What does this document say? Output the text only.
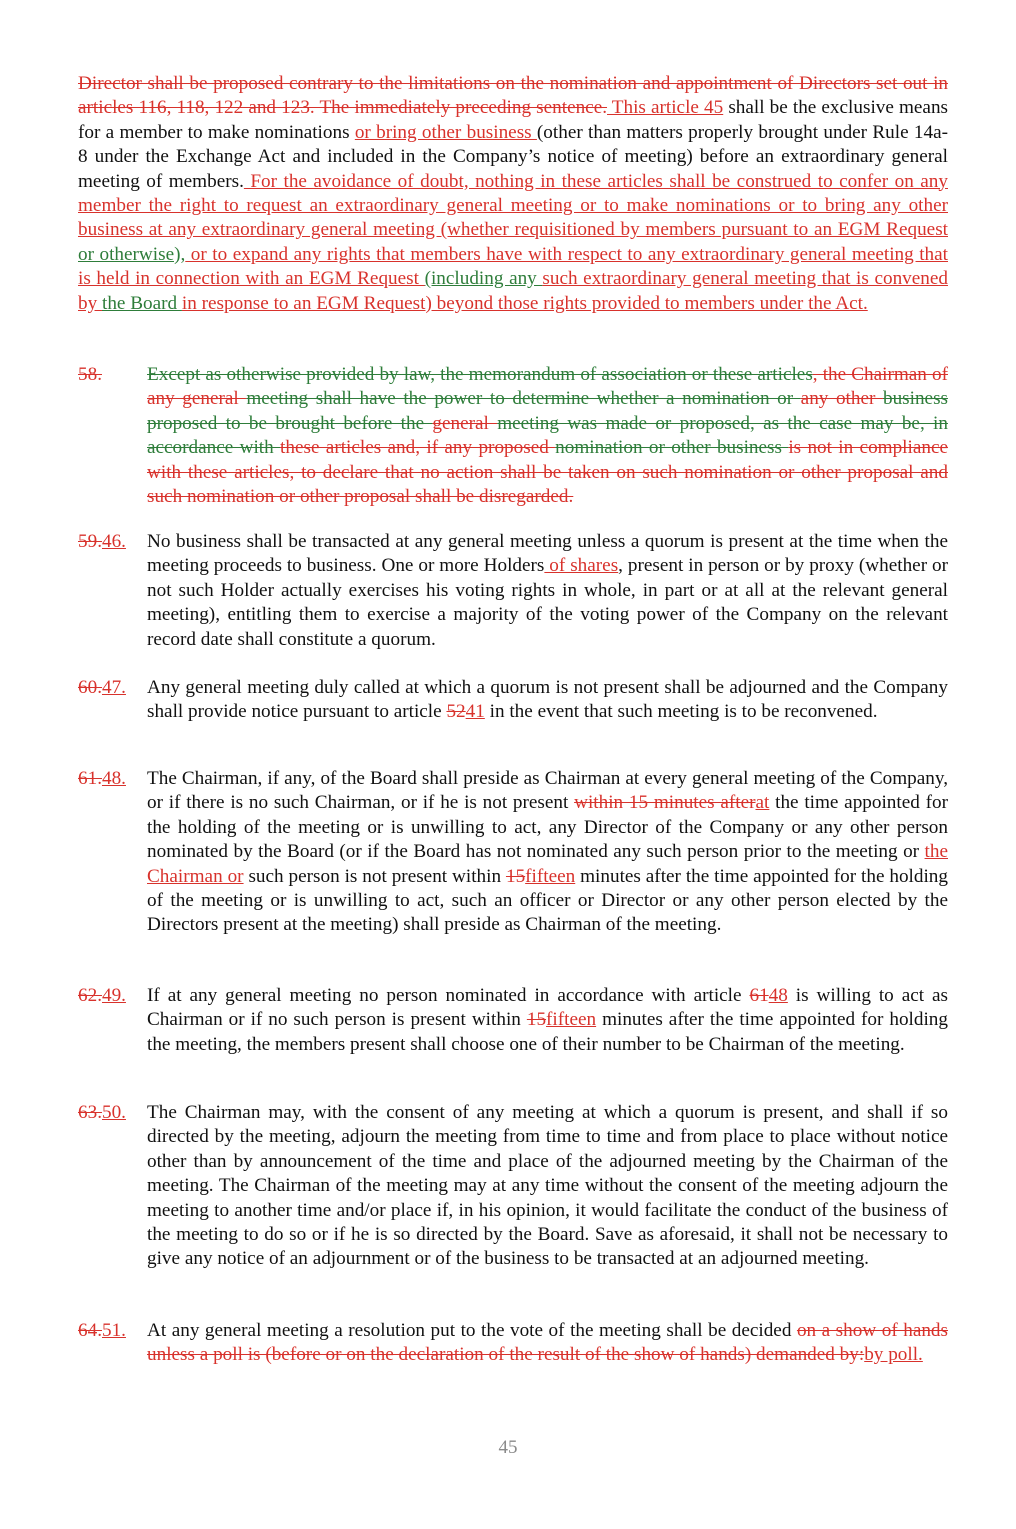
Director shall be proposed contrary to the limitations on the nomination and appointment of Directors set out in articles 116, 118, 122 and 123. The immediately preceding sentence. This article 45 shall be the exclusive means for a member to make nominations or bring other business (other than matters properly brought under Rule 14a-8 under the Exchange Act and included in the Company’s notice of meeting) before an extraordinary general meeting of members. For the avoidance of doubt, nothing in these articles shall be construed to confer on any member the right to request an extraordinary general meeting or to make nominations or to bring any other business at any extraordinary general meeting (whether requisitioned by members pursuant to an EGM Request or otherwise), or to expand any rights that members have with respect to any extraordinary general meeting that is held in connection with an EGM Request (including any such extraordinary general meeting that is convened by the Board in response to an EGM Request) beyond those rights provided to members under the Act.
58. Except as otherwise provided by law, the memorandum of association or these articles, the Chairman of any general meeting shall have the power to determine whether a nomination or any other business proposed to be brought before the general meeting was made or proposed, as the case may be, in accordance with these articles and, if any proposed nomination or other business is not in compliance with these articles, to declare that no action shall be taken on such nomination or other proposal and such nomination or other proposal shall be disregarded.
59.46. No business shall be transacted at any general meeting unless a quorum is present at the time when the meeting proceeds to business. One or more Holders of shares, present in person or by proxy (whether or not such Holder actually exercises his voting rights in whole, in part or at all at the relevant general meeting), entitling them to exercise a majority of the voting power of the Company on the relevant record date shall constitute a quorum.
60.47. Any general meeting duly called at which a quorum is not present shall be adjourned and the Company shall provide notice pursuant to article 5241 in the event that such meeting is to be reconvened.
61.48. The Chairman, if any, of the Board shall preside as Chairman at every general meeting of the Company, or if there is no such Chairman, or if he is not present within 15 minutes afterat the time appointed for the holding of the meeting or is unwilling to act, any Director of the Company or any other person nominated by the Board (or if the Board has not nominated any such person prior to the meeting or the Chairman or such person is not present within 15fifteen minutes after the time appointed for the holding of the meeting or is unwilling to act, such an officer or Director or any other person elected by the Directors present at the meeting) shall preside as Chairman of the meeting.
62.49. If at any general meeting no person nominated in accordance with article 6148 is willing to act as Chairman or if no such person is present within 15fifteen minutes after the time appointed for holding the meeting, the members present shall choose one of their number to be Chairman of the meeting.
63.50. The Chairman may, with the consent of any meeting at which a quorum is present, and shall if so directed by the meeting, adjourn the meeting from time to time and from place to place without notice other than by announcement of the time and place of the adjourned meeting by the Chairman of the meeting. The Chairman of the meeting may at any time without the consent of the meeting adjourn the meeting to another time and/or place if, in his opinion, it would facilitate the conduct of the business of the meeting to do so or if he is so directed by the Board. Save as aforesaid, it shall not be necessary to give any notice of an adjournment or of the business to be transacted at an adjourned meeting.
64.51. At any general meeting a resolution put to the vote of the meeting shall be decided on a show of hands unless a poll is (before or on the declaration of the result of the show of hands) demanded by:by poll.
45
